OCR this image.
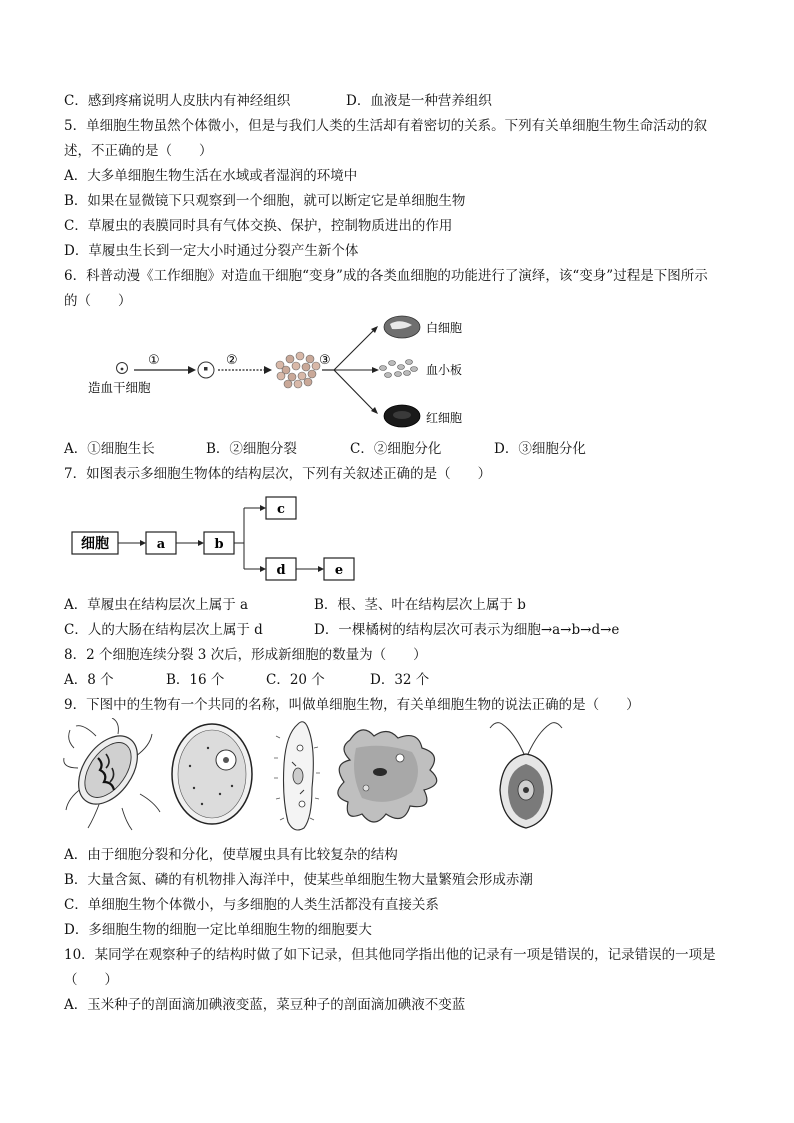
C．感到疼痛说明人皮肤内有神经组织	D．血液是一种营养组织
5．单细胞生物虽然个体微小，但是与我们人类的生活却有着密切的关系。下列有关单细胞生物生命活动的叙
述，不正确的是（　　）
A．大多单细胞生物生活在水域或者湿润的环境中
B．如果在显微镜下只观察到一个细胞，就可以断定它是单细胞生物
C．草履虫的表膜同时具有气体交换、保护，控制物质进出的作用
D．草履虫生长到一定大小时通过分裂产生新个体
6．科普动漫《工作细胞》对造血干细胞“变身”成的各类血细胞的功能进行了演绎，该“变身”过程是下图所示
的（　　）
造血干细胞
①	②	③
白细胞
血小板
红细胞
A．①细胞生长	B．②细胞分裂	C．②细胞分化	D．③细胞分化
7．如图表示多细胞生物体的结构层次，下列有关叙述正确的是（　　）
细胞	a	b
c
d	e
A．草履虫在结构层次上属于 a	B．根、茎、叶在结构层次上属于 b
C．人的大肠在结构层次上属于 d	D．一棵橘树的结构层次可表示为细胞→a→b→d→e
8．2 个细胞连续分裂 3 次后，形成新细胞的数量为（　　）
A．8 个	B．16 个	C．20 个	D．32 个
9．下图中的生物有一个共同的名称，叫做单细胞生物，有关单细胞生物的说法正确的是（　　）
A．由于细胞分裂和分化，使草履虫具有比较复杂的结构
B．大量含氮、磷的有机物排入海洋中，使某些单细胞生物大量繁殖会形成赤潮
C．单细胞生物个体微小，与多细胞的人类生活都没有直接关系
D．多细胞生物的细胞一定比单细胞生物的细胞要大
10．某同学在观察种子的结构时做了如下记录，但其他同学指出他的记录有一项是错误的，记录错误的一项是
（　　）
A．玉米种子的剖面滴加碘液变蓝，菜豆种子的剖面滴加碘液不变蓝
